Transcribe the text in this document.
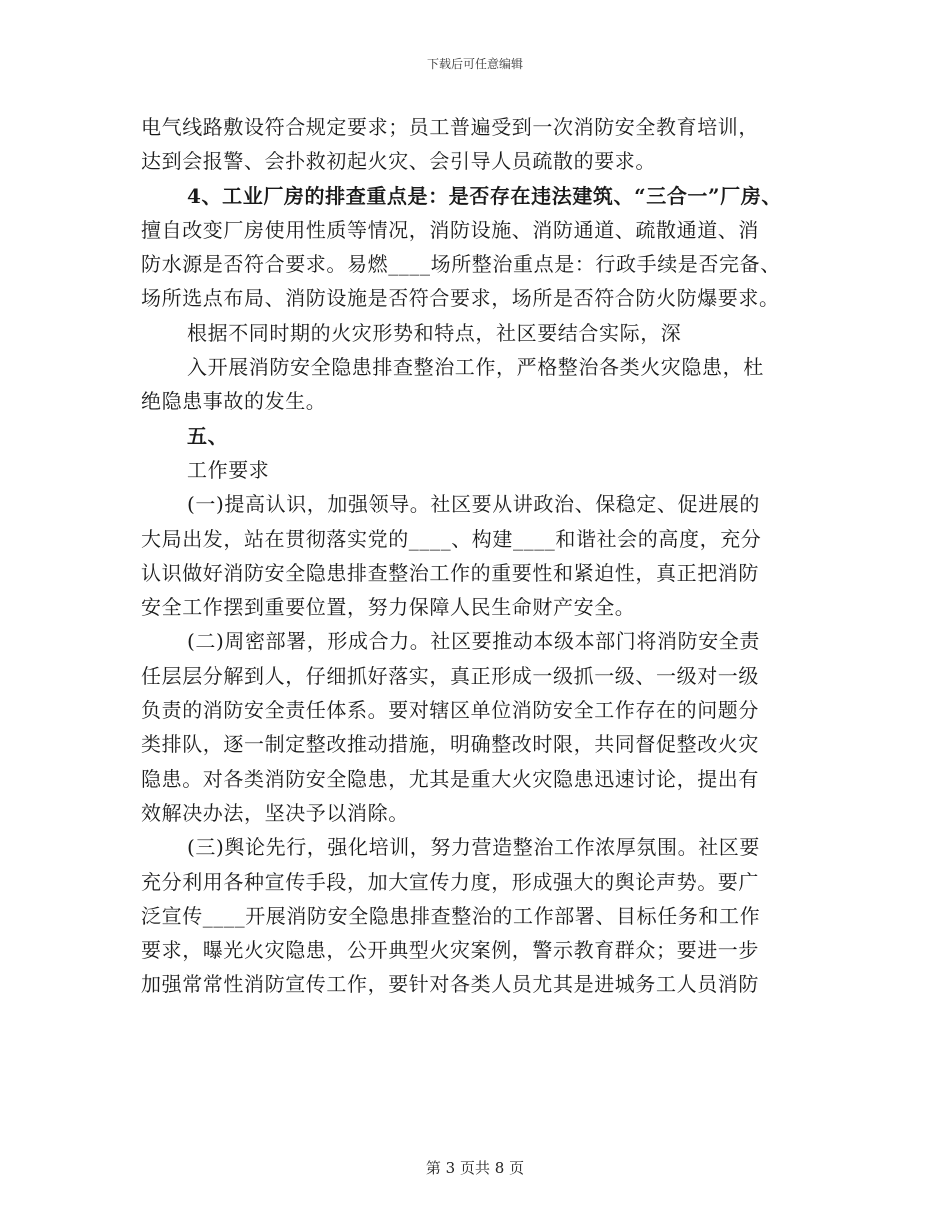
下载后可任意编辑
电气线路敷设符合规定要求；员工普遍受到一次消防安全教育培训，
达到会报警、会扑救初起火灾、会引导人员疏散的要求。
4、工业厂房的排查重点是：是否存在违法建筑、“三合一”厂房、
擅自改变厂房使用性质等情况，消防设施、消防通道、疏散通道、消
防水源是否符合要求。易燃____场所整治重点是：行政手续是否完备、
场所选点布局、消防设施是否符合要求，场所是否符合防火防爆要求。
根据不同时期的火灾形势和特点，社区要结合实际，深
入开展消防安全隐患排查整治工作，严格整治各类火灾隐患，杜
绝隐患事故的发生。
五、
工作要求
(一)提高认识，加强领导。社区要从讲政治、保稳定、促进展的
大局出发，站在贯彻落实党的____、构建____和谐社会的高度，充分
认识做好消防安全隐患排查整治工作的重要性和紧迫性，真正把消防
安全工作摆到重要位置，努力保障人民生命财产安全。
(二)周密部署，形成合力。社区要推动本级本部门将消防安全责
任层层分解到人，仔细抓好落实，真正形成一级抓一级、一级对一级
负责的消防安全责任体系。要对辖区单位消防安全工作存在的问题分
类排队，逐一制定整改推动措施，明确整改时限，共同督促整改火灾
隐患。对各类消防安全隐患，尤其是重大火灾隐患迅速讨论，提出有
效解决办法，坚决予以消除。
(三)舆论先行，强化培训，努力营造整治工作浓厚氛围。社区要
充分利用各种宣传手段，加大宣传力度，形成强大的舆论声势。要广
泛宣传____开展消防安全隐患排查整治的工作部署、目标任务和工作
要求，曝光火灾隐患，公开典型火灾案例，警示教育群众；要进一步
加强常常性消防宣传工作，要针对各类人员尤其是进城务工人员消防
第 3 页共 8 页
